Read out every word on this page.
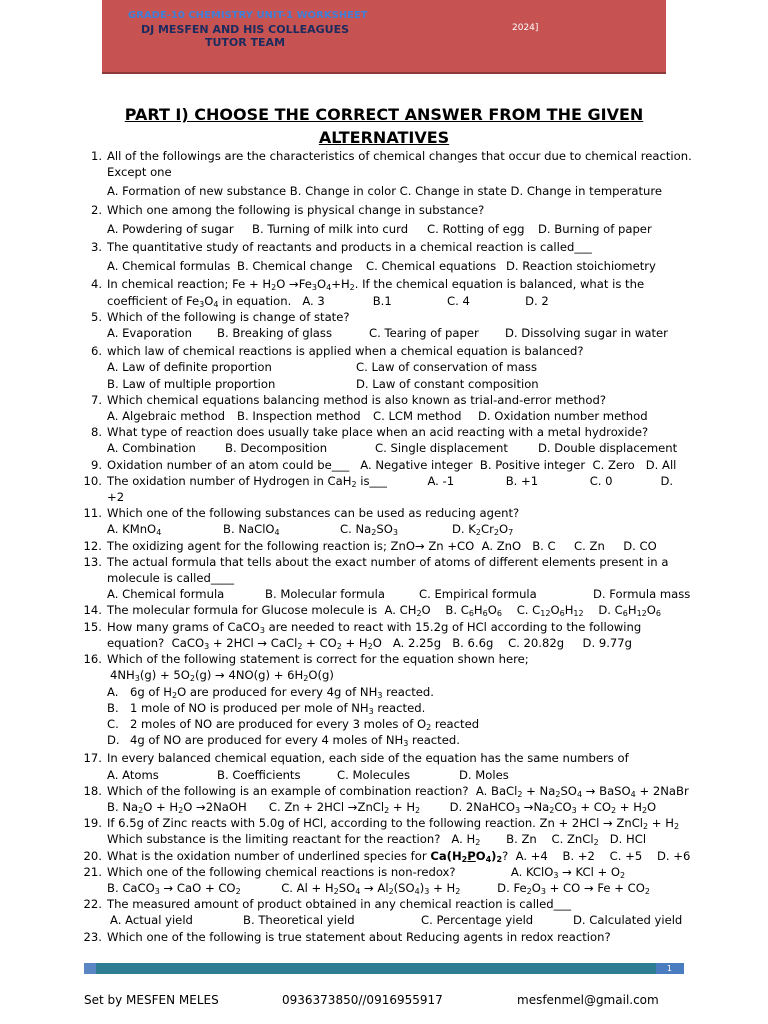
GRADE-10 CHEMISTRY UNIT-1 WORKSHEET
DJ MESFEN AND HIS COLLEAGUES TUTOR TEAM
2024]
PART I) CHOOSE THE CORRECT ANSWER FROM THE GIVEN ALTERNATIVES
1. All of the followings are the characteristics of chemical changes that occur due to chemical reaction. Except one
A. Formation of new substance B. Change in color C. Change in state D. Change in temperature
2. Which one among the following is physical change in substance?
A. Powdering of sugar	B. Turning of milk into curd	C. Rotting of egg	D. Burning of paper
3. The quantitative study of reactants and products in a chemical reaction is called___
A. Chemical formulas B. Chemical change	C. Chemical equations D. Reaction stoichiometry
4. In chemical reaction; $Fe + H_2O \to Fe_3O_4+H_2$. If the chemical equation is balanced, what is the
coefficient of $Fe_3O_4$ in equation.   A. 3             B.1               C. 4               D. 2
5. Which of the following is change of state?
A. Evaporation	B. Breaking of glass	C. Tearing of paper	D. Dissolving sugar in water
6. which law of chemical reactions is applied when a chemical equation is balanced?
A. Law of definite proportion	C. Law of conservation of mass
B. Law of multiple proportion	D. Law of constant composition
7. Which chemical equations balancing method is also known as trial-and-error method?
A. Algebraic method	B. Inspection method	C. LCM method	D. Oxidation number method
8. What type of reaction does usually take place when an acid reacting with a metal hydroxide?
A. Combination	B. Decomposition	C. Single displacement	D. Double displacement
9. Oxidation number of an atom could be___   A. Negative integer  B. Positive integer  C. Zero   D. All
10. The oxidation number of Hydrogen in CaH$_2$ is___           A. -1              B. +1              C. 0             D. +2
11. Which one of the following substances can be used as reducing agent?
A. KMnO$_4$	B. NaClO$_4$	C. $Na_2SO_3$	D. $K_2Cr_2O_7$
12. The oxidizing agent for the following reaction is; ZnO→ Zn +CO  A. ZnO   B. C     C. Zn     D. CO
13. The actual formula that tells about the exact number of atoms of different elements present in a molecule is called____
A. Chemical formula	B. Molecular formula	C. Empirical formula	D. Formula mass
14. The molecular formula for Glucose molecule is  A. $CH_2O$    B. $C_6H_6O_6$    C. $C_{12}O_6H_{12}$    D. $C_6H_{12}O_6$
15. How many grams of CaCO$_3$ are needed to react with 15.2g of HCl according to the following
equation?  CaCO$_3$ + 2HCl → CaCl$_2$ + $CO_2 + H_2O$   A. 2.25g   B. 6.6g    C. 20.82g     D. 9.77g
16. Which of the following statement is correct for the equation shown here;
$4NH_3(g) + 5O_2(g) \to 4NO(g) + 6H_2O(g)$
A. 6g of $H_2O$ are produced for every 4g of $NH_3$ reacted.
B. 1 mole of NO is produced per mole of $NH_3$ reacted.
C. 2 moles of NO are produced for every 3 moles of $O_2$ reacted
D. 4g of NO are produced for every 4 moles of $NH_3$ reacted.
17. In every balanced chemical equation, each side of the equation has the same numbers of
A. Atoms	B. Coefficients	C. Molecules	D. Moles
18. Which of the following is an example of combination reaction?  A. BaCl$_2$ + $Na_2SO_4$ → BaSO$_4$ + 2NaBr
B. $Na_2O + H_2O$ →2NaOH      C. Zn + 2HCl →ZnCl$_2$ + $H_2$        D. 2NaHCO$_3$ $\to Na_2CO_3 + CO_2 + H_2O$
19. If 6.5g of Zinc reacts with 5.0g of HCl, according to the following reaction. Zn + 2HCl → ZnCl$_2$ + $H_2$
Which substance is the limiting reactant for the reaction?   A. $H_2$       B. Zn    C. ZnCl$_2$   D. HCl
20. What is the oxidation number of underlined species for $Ca(H_2PO_4)_2$?  A. +4    B. +2    C. +5    D. +6
21. Which one of the following chemical reactions is non-redox?               A. KClO$_3$ → KCl + $O_2$
B. CaCO$_3$ → CaO + $CO_2$           C. $Al + H_2SO_4 \to Al_2(SO_4)_3 + H_2$          D. $Fe_2O_3$ + CO → $Fe + CO_2$
22. The measured amount of product obtained in any chemical reaction is called___
A. Actual yield	B. Theoretical yield	C. Percentage yield	D. Calculated yield
23. Which one of the following is true statement about Reducing agents in redox reaction?
1
Set by MESFEN MELES	0936373850//0916955917	mesfenmel@gmail.com
